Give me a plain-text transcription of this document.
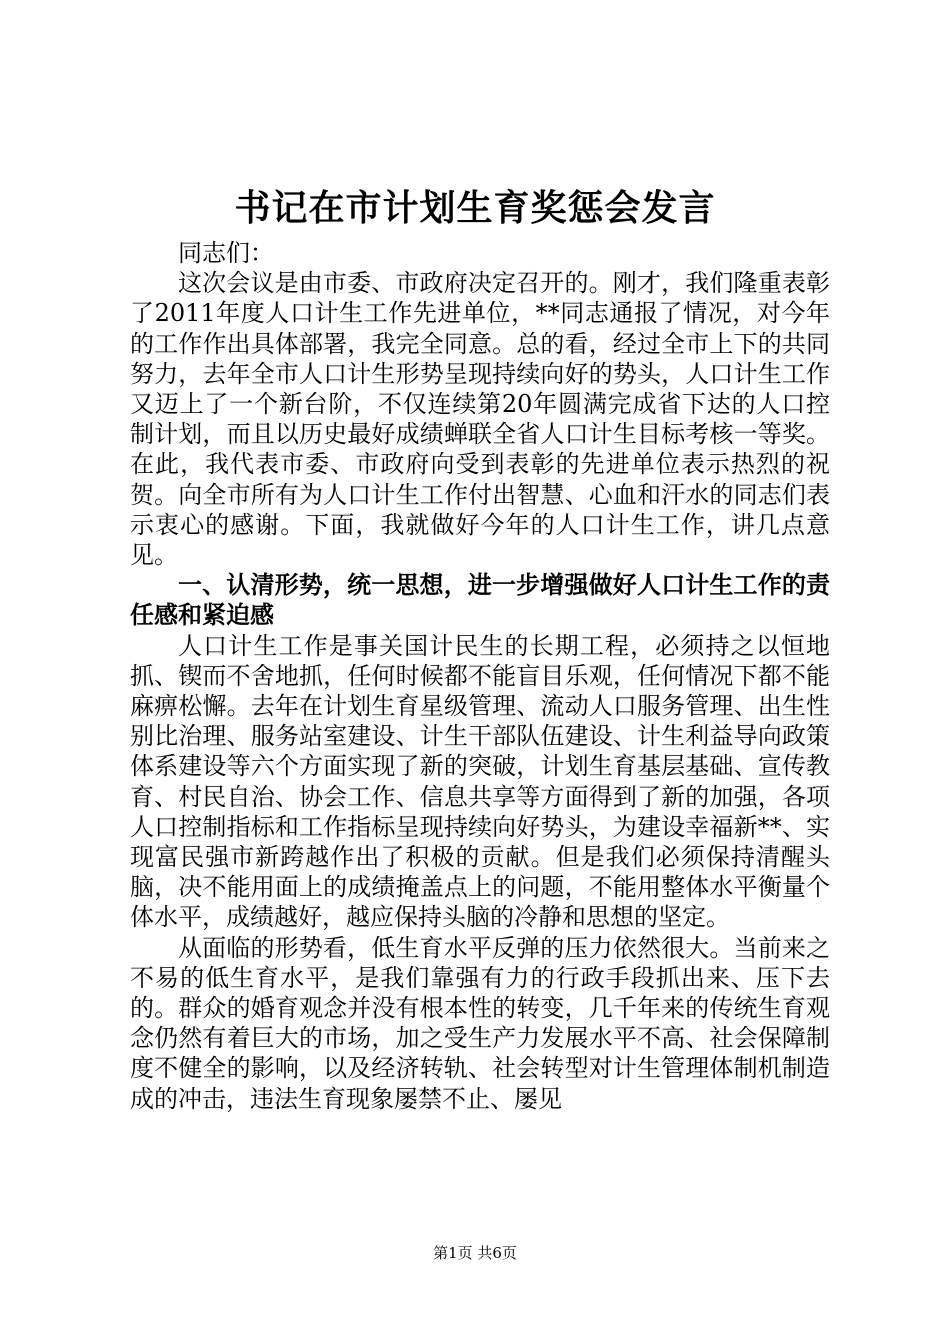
书记在市计划生育奖惩会发言

同志们：

这次会议是由市委、市政府决定召开的。刚才，我们隆重表彰了2011年度人口计生工作先进单位，**同志通报了情况，对今年的工作作出具体部署，我完全同意。总的看，经过全市上下的共同努力，去年全市人口计生形势呈现持续向好的势头，人口计生工作又迈上了一个新台阶，不仅连续第20年圆满完成省下达的人口控制计划，而且以历史最好成绩蝉联全省人口计生目标考核一等奖。在此，我代表市委、市政府向受到表彰的先进单位表示热烈的祝贺。向全市所有为人口计生工作付出智慧、心血和汗水的同志们表示衷心的感谢。下面，我就做好今年的人口计生工作，讲几点意见。

一、认清形势，统一思想，进一步增强做好人口计生工作的责任感和紧迫感

人口计生工作是事关国计民生的长期工程，必须持之以恒地抓、锲而不舍地抓，任何时候都不能盲目乐观，任何情况下都不能麻痹松懈。去年在计划生育星级管理、流动人口服务管理、出生性别比治理、服务站室建设、计生干部队伍建设、计生利益导向政策体系建设等六个方面实现了新的突破，计划生育基层基础、宣传教育、村民自治、协会工作、信息共享等方面得到了新的加强，各项人口控制指标和工作指标呈现持续向好势头，为建设幸福新**、实现富民强市新跨越作出了积极的贡献。但是我们必须保持清醒头脑，决不能用面上的成绩掩盖点上的问题，不能用整体水平衡量个体水平，成绩越好，越应保持头脑的冷静和思想的坚定。

从面临的形势看，低生育水平反弹的压力依然很大。当前来之不易的低生育水平，是我们靠强有力的行政手段抓出来、压下去的。群众的婚育观念并没有根本性的转变，几千年来的传统生育观念仍然有着巨大的市场，加之受生产力发展水平不高、社会保障制度不健全的影响，以及经济转轨、社会转型对计生管理体制机制造成的冲击，违法生育现象屡禁不止、屡见

第1页 共6页
